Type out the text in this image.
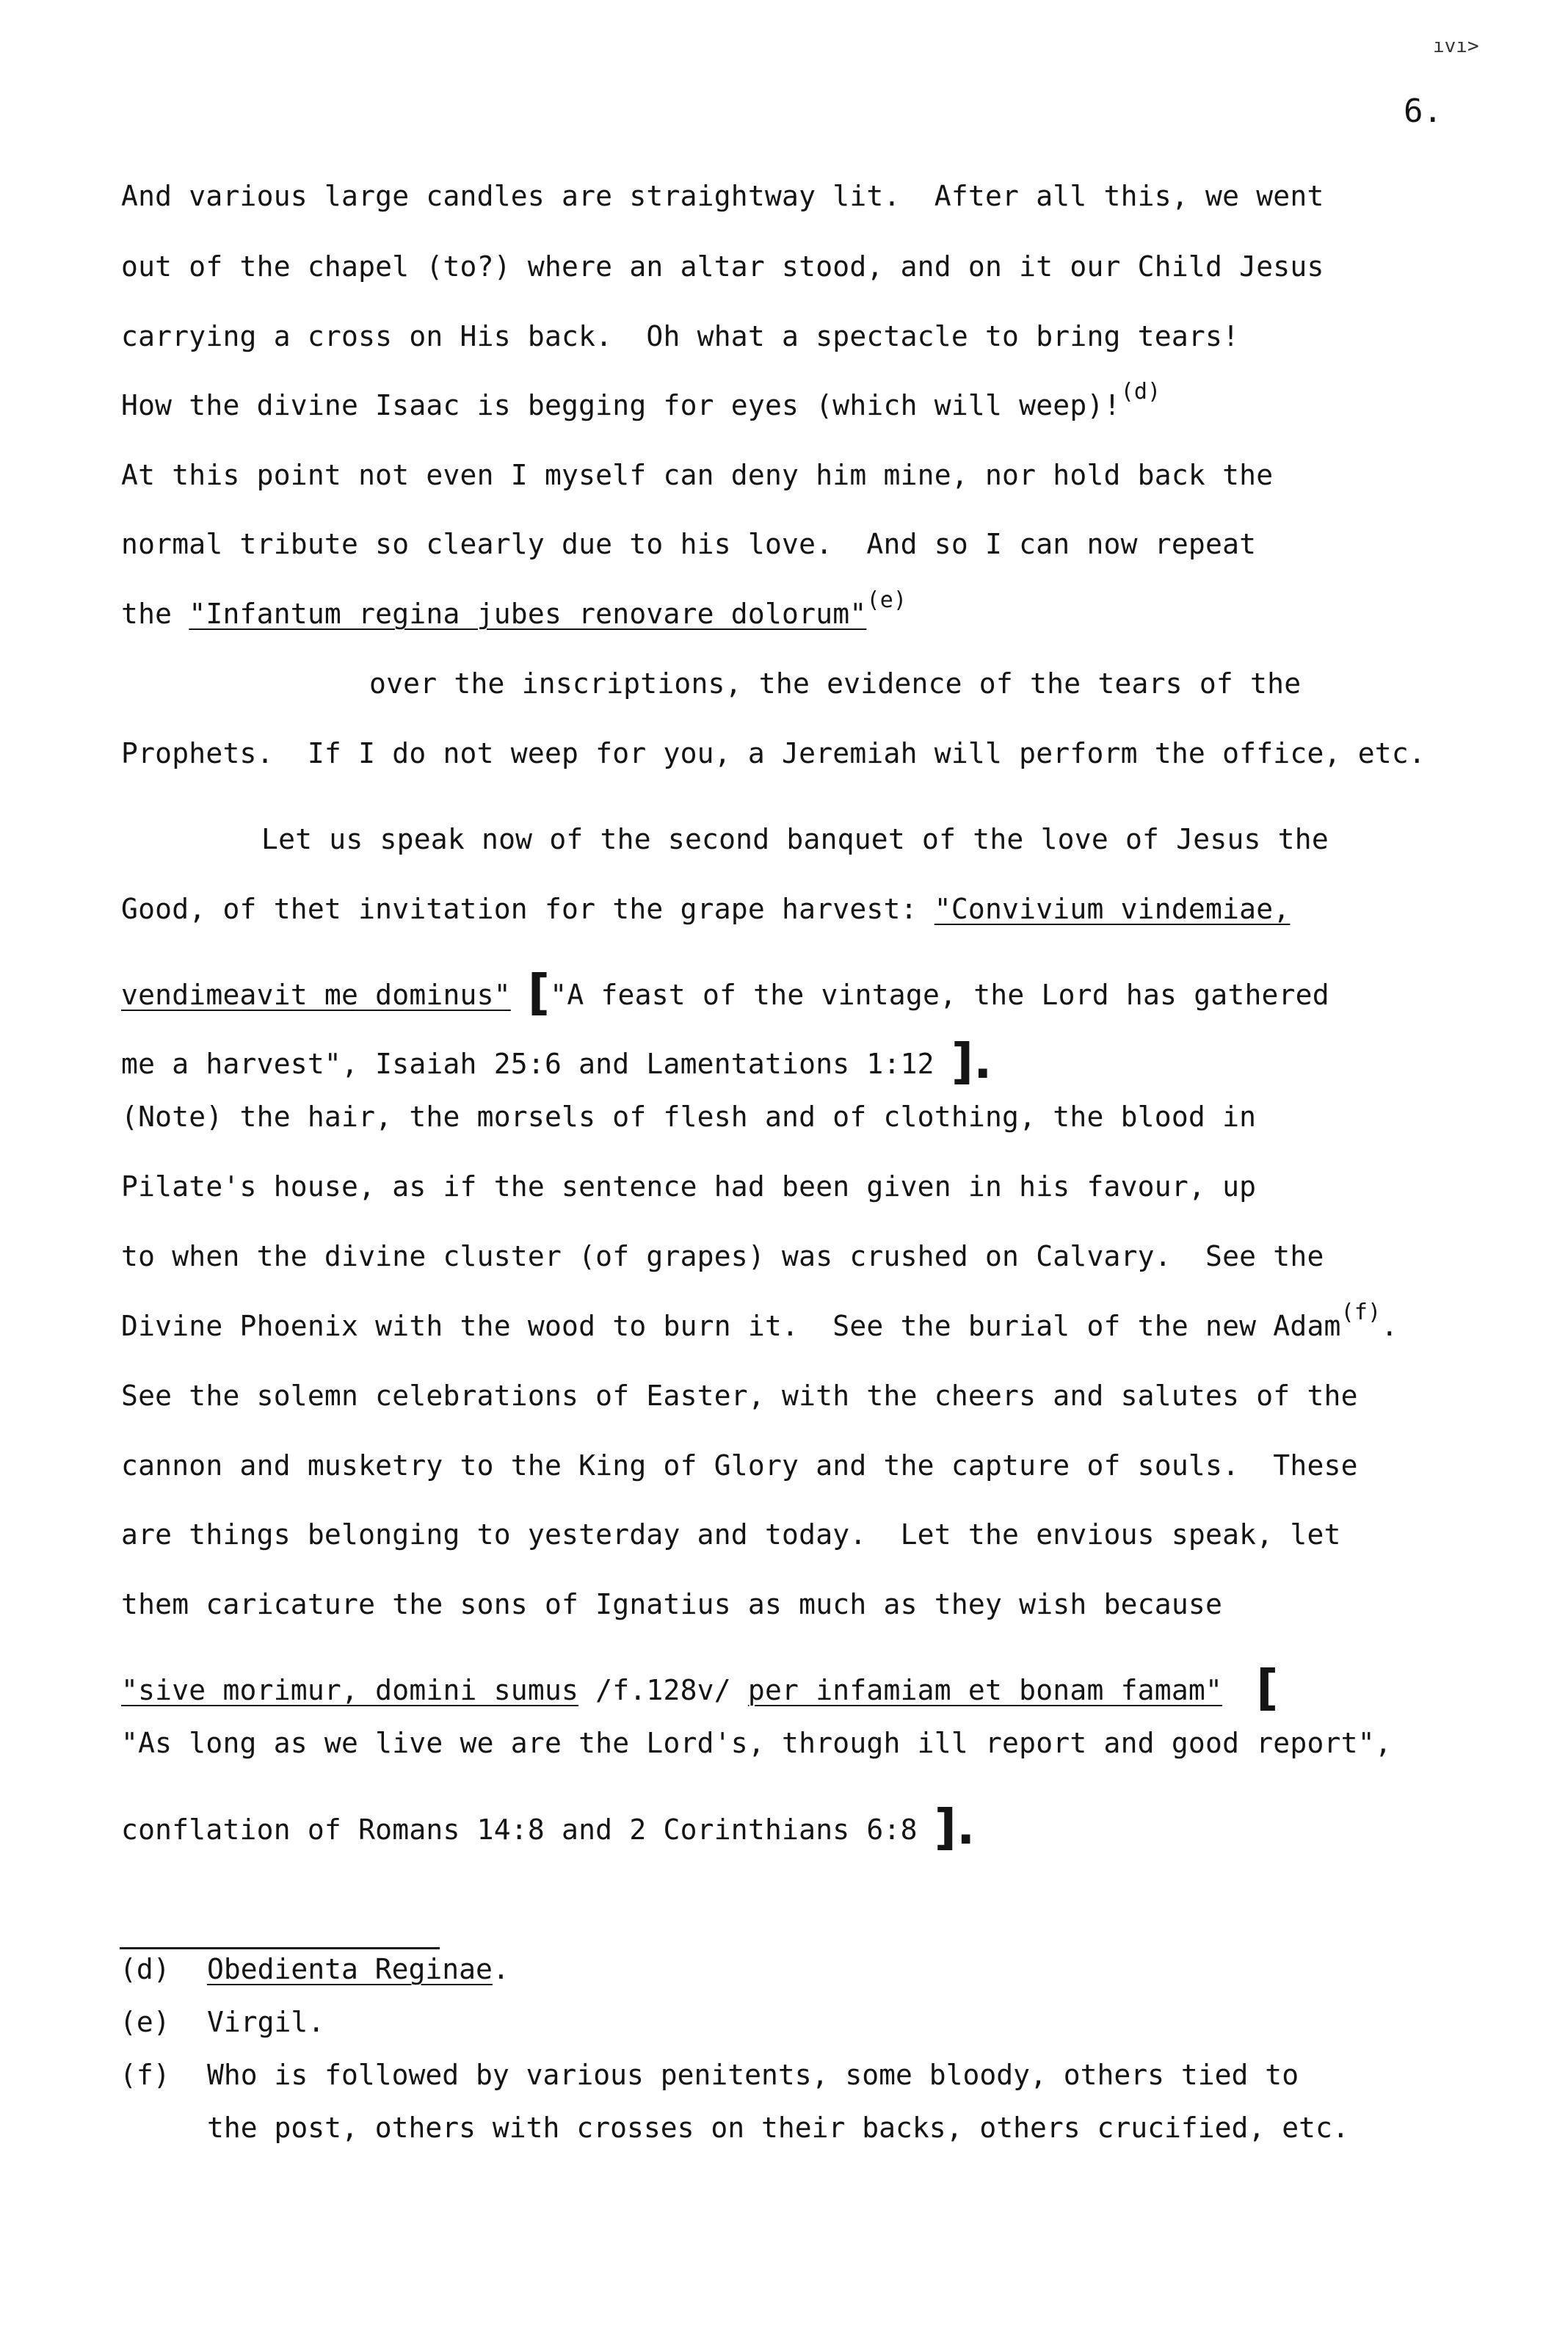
ıvı>
6.
And various large candles are straightway lit.  After all this, we went
out of the chapel (to?) where an altar stood, and on it our Child Jesus
carrying a cross on His back.  Oh what a spectacle to bring tears!
How the divine Isaac is begging for eyes (which will weep)!$^{(d)}$
At this point not even I myself can deny him mine, nor hold back the
normal tribute so clearly due to his love.  And so I can now repeat
the "Infantum regina jubes renovare dolorum"$^{(e)}$
over the inscriptions, the evidence of the tears of the
Prophets.  If I do not weep for you, a Jeremiah will perform the office, etc.
Let us speak now of the second banquet of the love of Jesus the
Good, of thet invitation for the grape harvest: "Convivium vindemiae,
vendimeavit me dominus" ["A feast of the vintage, the Lord has gathered
me a harvest", Isaiah 25:6 and Lamentations 1:12 ].
(Note) the hair, the morsels of flesh and of clothing, the blood in
Pilate's house, as if the sentence had been given in his favour, up
to when the divine cluster (of grapes) was crushed on Calvary.  See the
Divine Phoenix with the wood to burn it.  See the burial of the new Adam$^{(f)}$.
See the solemn celebrations of Easter, with the cheers and salutes of the
cannon and musketry to the King of Glory and the capture of souls.  These
are things belonging to yesterday and today.  Let the envious speak, let
them caricature the sons of Ignatius as much as they wish because
"sive morimur, domini sumus /f.128v/ per infamiam et bonam famam" [
"As long as we live we are the Lord's, through ill report and good report",
conflation of Romans 14:8 and 2 Corinthians 6:8 ].

(d)

Obedienta Reginae.

(e)

Virgil.

(f)

Who is followed by various penitents, some bloody, others tied to

the post, others with crosses on their backs, others crucified, etc.
